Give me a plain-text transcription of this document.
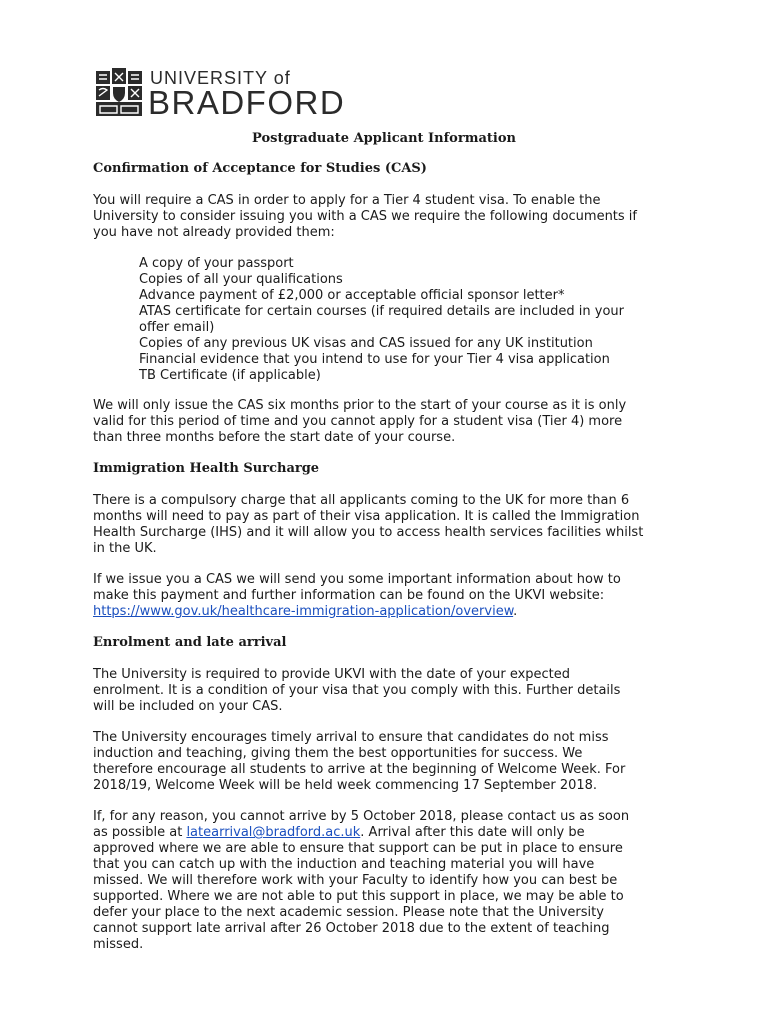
UNIVERSITY of
BRADFORD
Postgraduate Applicant Information
Confirmation of Acceptance for Studies (CAS)
You will require a CAS in order to apply for a Tier 4 student visa. To enable the
University to consider issuing you with a CAS we require the following documents if
you have not already provided them:
A copy of your passport
Copies of all your qualifications
Advance payment of £2,000 or acceptable official sponsor letter*
ATAS certificate for certain courses (if required details are included in your
offer email)
Copies of any previous UK visas and CAS issued for any UK institution
Financial evidence that you intend to use for your Tier 4 visa application
TB Certificate (if applicable)
We will only issue the CAS six months prior to the start of your course as it is only
valid for this period of time and you cannot apply for a student visa (Tier 4) more
than three months before the start date of your course.
Immigration Health Surcharge
There is a compulsory charge that all applicants coming to the UK for more than 6
months will need to pay as part of their visa application. It is called the Immigration
Health Surcharge (IHS) and it will allow you to access health services facilities whilst
in the UK.
If we issue you a CAS we will send you some important information about how to
make this payment and further information can be found on the UKVI website:
https://www.gov.uk/healthcare-immigration-application/overview.
Enrolment and late arrival
The University is required to provide UKVI with the date of your expected
enrolment. It is a condition of your visa that you comply with this. Further details
will be included on your CAS.
The University encourages timely arrival to ensure that candidates do not miss
induction and teaching, giving them the best opportunities for success. We
therefore encourage all students to arrive at the beginning of Welcome Week. For
2018/19, Welcome Week will be held week commencing 17 September 2018.
If, for any reason, you cannot arrive by 5 October 2018, please contact us as soon
as possible at latearrival@bradford.ac.uk. Arrival after this date will only be
approved where we are able to ensure that support can be put in place to ensure
that you can catch up with the induction and teaching material you will have
missed. We will therefore work with your Faculty to identify how you can best be
supported. Where we are not able to put this support in place, we may be able to
defer your place to the next academic session. Please note that the University
cannot support late arrival after 26 October 2018 due to the extent of teaching
missed.
